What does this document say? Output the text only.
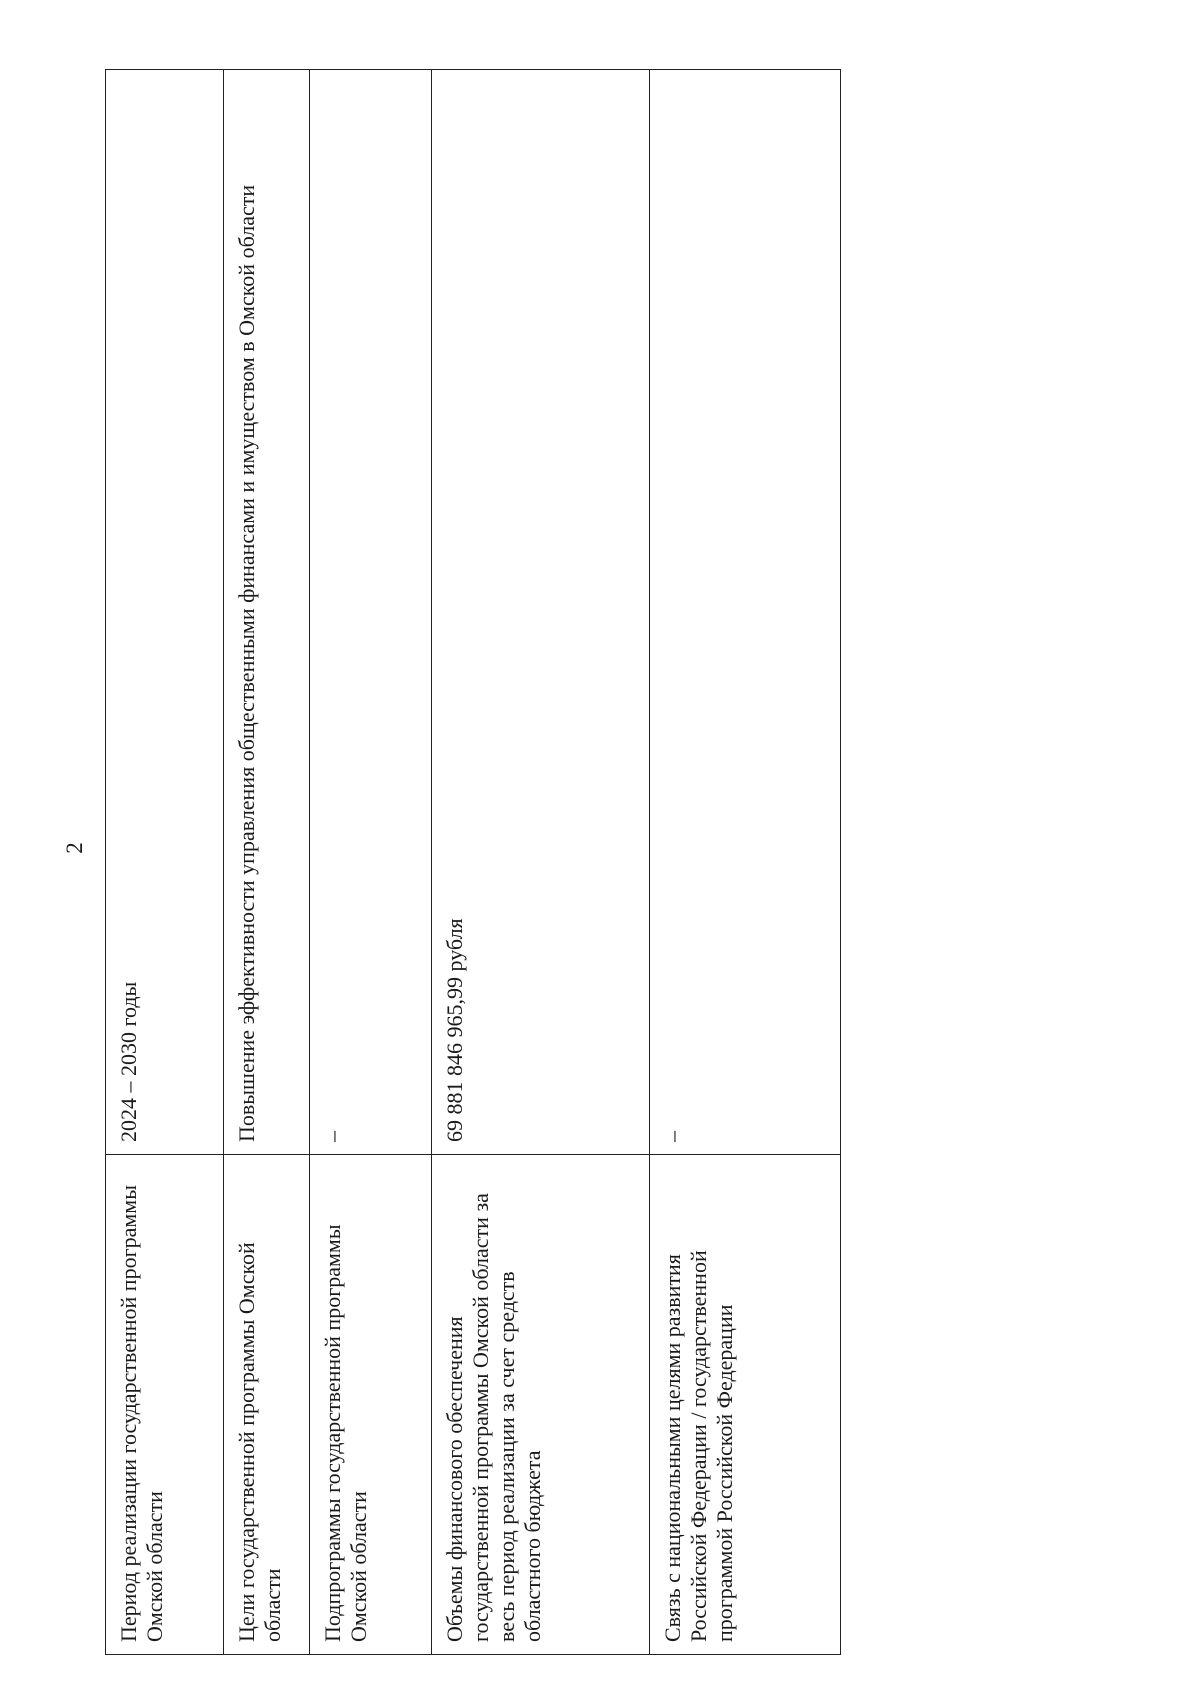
2
Период реализации государственной программы Омской области	2024 – 2030 годы
Цели государственной программы Омской области	Повышение эффективности управления общественными финансами и имуществом в Омской области
Подпрограммы государственной программы Омской области	–
Объемы финансового обеспечения государственной программы Омской области за весь период реализации за счет средств областного бюджета	69 881 846 965,99 рубля
Связь с национальными целями развития Российской Федерации / государственной программой Российской Федерации	–
